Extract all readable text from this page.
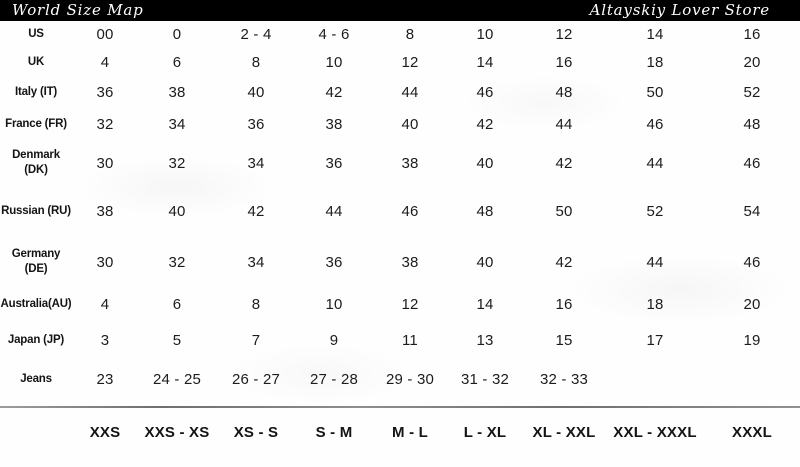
World Size Map	Altayskiy Lover Store
US	00	0	2 - 4	4 - 6	8	10	12	14	16

UK	4	6	8	10	12	14	16	18	20

Italy (IT)	36	38	40	42	44	46	48	50	52

France (FR)	32	34	36	38	40	42	44	46	48

Denmark
(DK)	30	32	34	36	38	40	42	44	46

Russian (RU)	38	40	42	44	46	48	50	52	54

Germany
(DE)	30	32	34	36	38	40	42	44	46

Australia(AU)	4	6	8	10	12	14	16	18	20

Japan (JP)	3	5	7	9	11	13	15	17	19

Jeans	23	24 - 25	26 - 27	27 - 28	29 - 30	31 - 32	32 - 33		
	XXS	XXS - XS	XS - S	S - M	M - L	L - XL	XL - XXL	XXL - XXXL	XXXL
